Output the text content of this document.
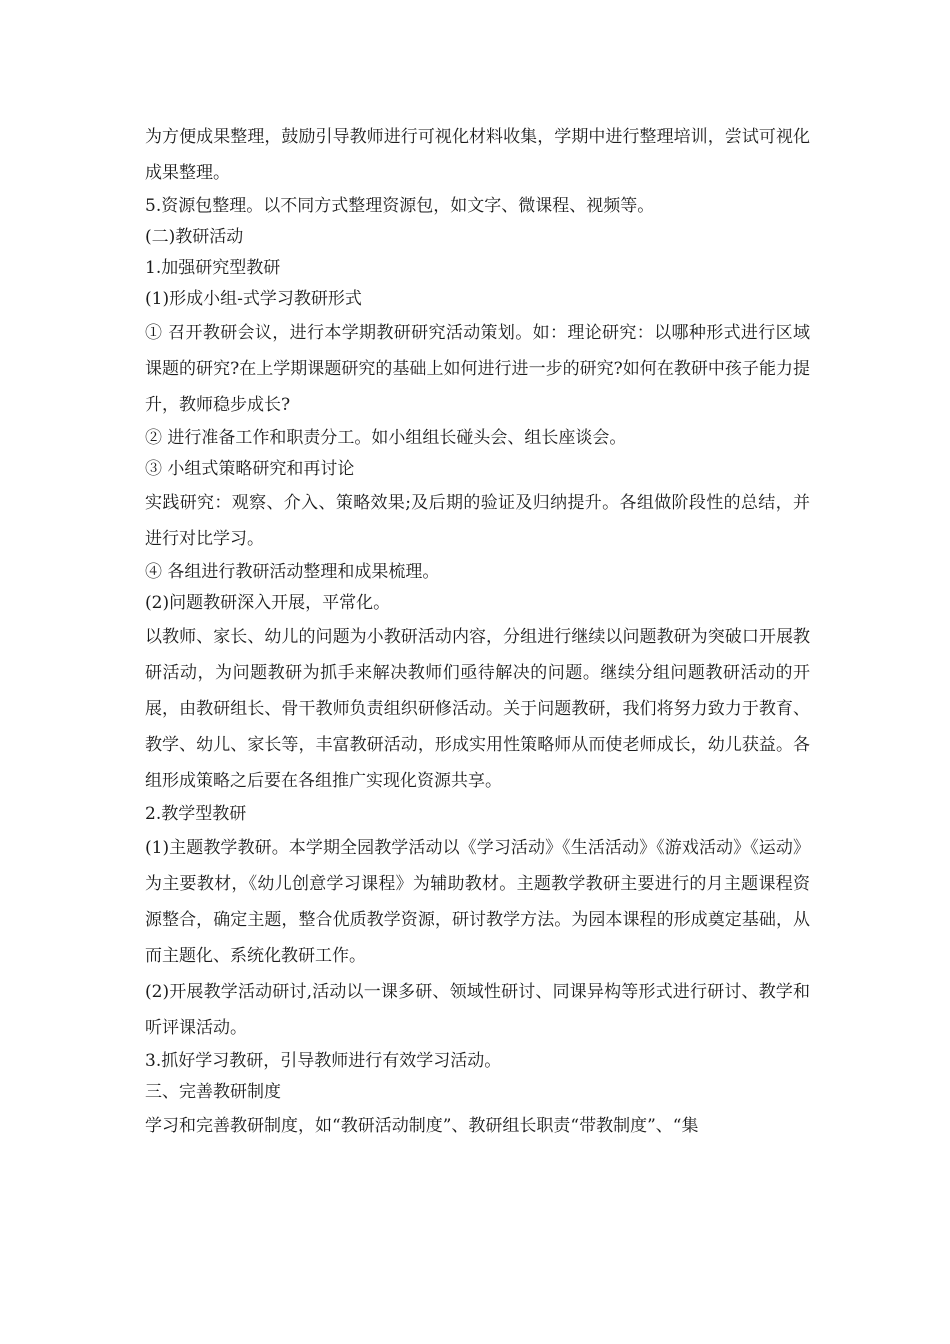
为方便成果整理，鼓励引导教师进行可视化材料收集，学期中进行整理培训，尝试可视化成果整理。

5.资源包整理。以不同方式整理资源包，如文字、微课程、视频等。

(二)教研活动

1.加强研究型教研

(1)形成小组-式学习教研形式

① 召开教研会议，进行本学期教研研究活动策划。如：理论研究：以哪种形式进行区域课题的研究?在上学期课题研究的基础上如何进行进一步的研究?如何在教研中孩子能力提升，教师稳步成长?

② 进行准备工作和职责分工。如小组组长碰头会、组长座谈会。

③ 小组式策略研究和再讨论

实践研究：观察、介入、策略效果;及后期的验证及归纳提升。各组做阶段性的总结，并进行对比学习。

④ 各组进行教研活动整理和成果梳理。

(2)问题教研深入开展，平常化。

以教师、家长、幼儿的问题为小教研活动内容，分组进行继续以问题教研为突破口开展教研活动，为问题教研为抓手来解决教师们亟待解决的问题。继续分组问题教研活动的开展，由教研组长、骨干教师负责组织研修活动。关于问题教研，我们将努力致力于教育、教学、幼儿、家长等，丰富教研活动，形成实用性策略师从而使老师成长，幼儿获益。各组形成策略之后要在各组推广实现化资源共享。

2.教学型教研

(1)主题教学教研。本学期全园教学活动以《学习活动》《生活活动》《游戏活动》《运动》为主要教材，《幼儿创意学习课程》为辅助教材。主题教学教研主要进行的月主题课程资源整合，确定主题，整合优质教学资源，研讨教学方法。为园本课程的形成奠定基础，从而主题化、系统化教研工作。

(2)开展教学活动研讨,活动以一课多研、领域性研讨、同课异构等形式进行研讨、教学和听评课活动。

3.抓好学习教研，引导教师进行有效学习活动。

三、完善教研制度

学习和完善教研制度，如“教研活动制度”、教研组长职责“带教制度”、“集
